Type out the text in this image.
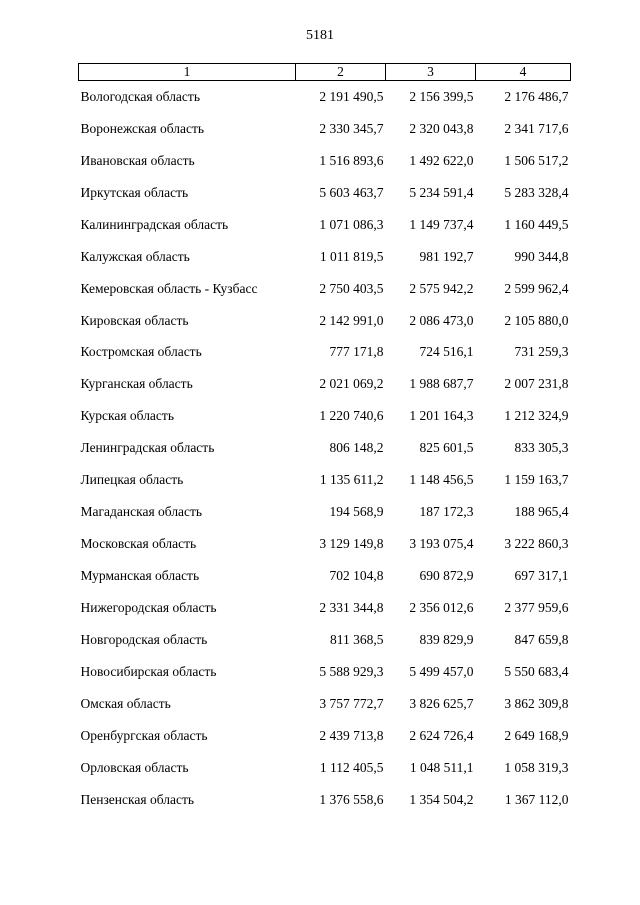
5181
1	2	3	4
Вологодская область	2 191 490,5	2 156 399,5	2 176 486,7
Воронежская область	2 330 345,7	2 320 043,8	2 341 717,6
Ивановская область	1 516 893,6	1 492 622,0	1 506 517,2
Иркутская область	5 603 463,7	5 234 591,4	5 283 328,4
Калининградская область	1 071 086,3	1 149 737,4	1 160 449,5
Калужская область	1 011 819,5	981 192,7	990 344,8
Кемеровская область - Кузбасс	2 750 403,5	2 575 942,2	2 599 962,4
Кировская область	2 142 991,0	2 086 473,0	2 105 880,0
Костромская область	777 171,8	724 516,1	731 259,3
Курганская область	2 021 069,2	1 988 687,7	2 007 231,8
Курская область	1 220 740,6	1 201 164,3	1 212 324,9
Ленинградская область	806 148,2	825 601,5	833 305,3
Липецкая область	1 135 611,2	1 148 456,5	1 159 163,7
Магаданская область	194 568,9	187 172,3	188 965,4
Московская область	3 129 149,8	3 193 075,4	3 222 860,3
Мурманская область	702 104,8	690 872,9	697 317,1
Нижегородская область	2 331 344,8	2 356 012,6	2 377 959,6
Новгородская область	811 368,5	839 829,9	847 659,8
Новосибирская область	5 588 929,3	5 499 457,0	5 550 683,4
Омская область	3 757 772,7	3 826 625,7	3 862 309,8
Оренбургская область	2 439 713,8	2 624 726,4	2 649 168,9
Орловская область	1 112 405,5	1 048 511,1	1 058 319,3
Пензенская область	1 376 558,6	1 354 504,2	1 367 112,0
